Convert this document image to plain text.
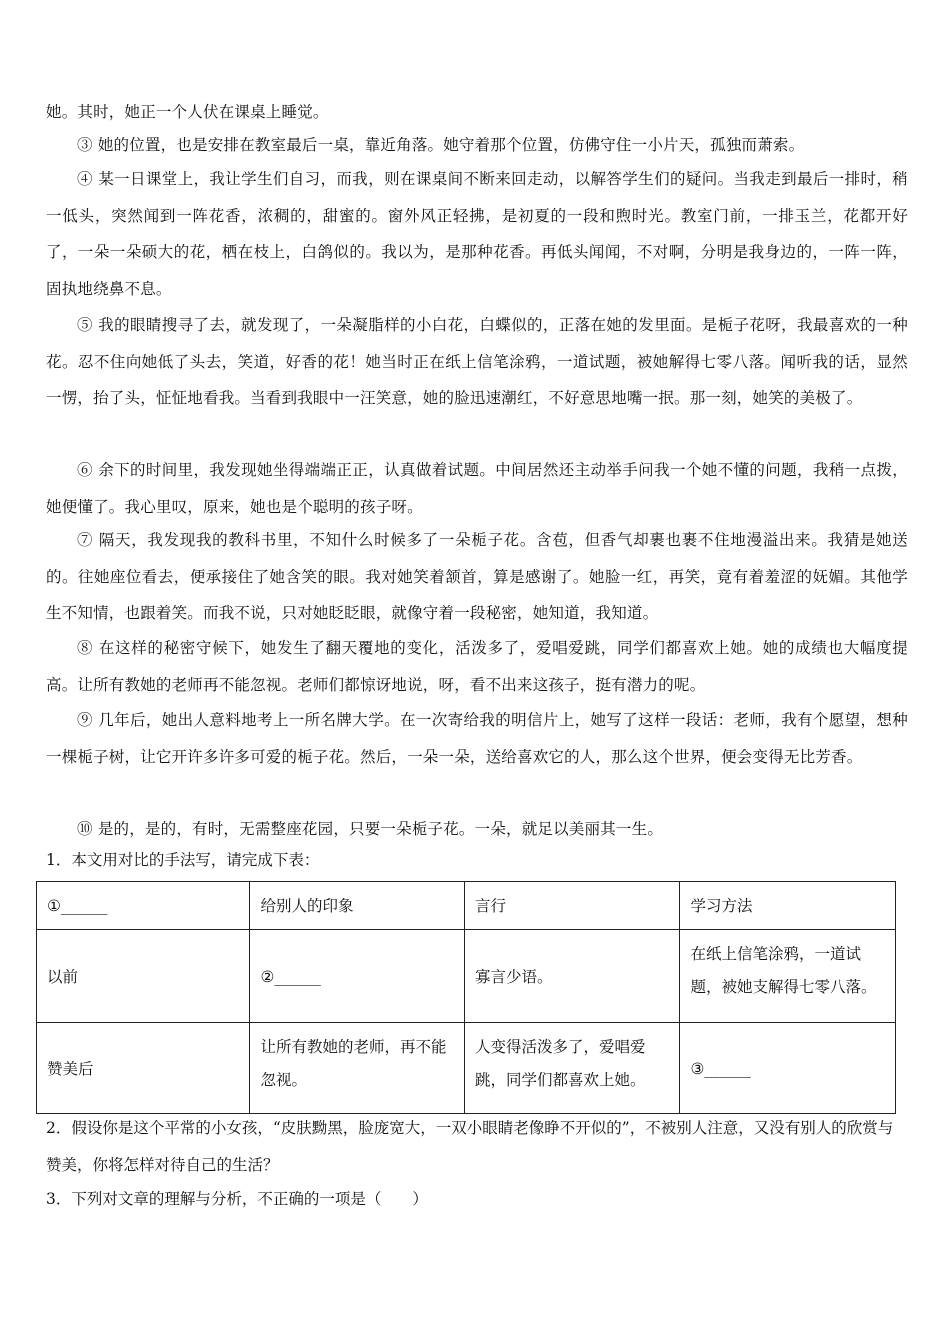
她。其时，她正一个人伏在课桌上睡觉。

③ 她的位置，也是安排在教室最后一桌，靠近角落。她守着那个位置，仿佛守住一小片天，孤独而萧索。

④ 某一日课堂上，我让学生们自习，而我，则在课桌间不断来回走动，以解答学生们的疑问。当我走到最后一排时，稍一低头，突然闻到一阵花香，浓稠的，甜蜜的。窗外风正轻拂，是初夏的一段和煦时光。教室门前，一排玉兰，花都开好了，一朵一朵硕大的花，栖在枝上，白鸽似的。我以为，是那种花香。再低头闻闻，不对啊，分明是我身边的，一阵一阵，固执地绕鼻不息。

⑤ 我的眼睛搜寻了去，就发现了，一朵凝脂样的小白花，白蝶似的，正落在她的发里面。是栀子花呀，我最喜欢的一种花。忍不住向她低了头去，笑道，好香的花！她当时正在纸上信笔涂鸦，一道试题，被她解得七零八落。闻听我的话，显然一愣，抬了头，怔怔地看我。当看到我眼中一汪笑意，她的脸迅速潮红，不好意思地嘴一抿。那一刻，她笑的美极了。

⑥ 余下的时间里，我发现她坐得端端正正，认真做着试题。中间居然还主动举手问我一个她不懂的问题，我稍一点拨，她便懂了。我心里叹，原来，她也是个聪明的孩子呀。

⑦ 隔天，我发现我的教科书里，不知什么时候多了一朵栀子花。含苞，但香气却裹也裹不住地漫溢出来。我猜是她送的。往她座位看去，便承接住了她含笑的眼。我对她笑着颔首，算是感谢了。她脸一红，再笑，竟有着羞涩的妩媚。其他学生不知情，也跟着笑。而我不说，只对她眨眨眼，就像守着一段秘密，她知道，我知道。

⑧ 在这样的秘密守候下，她发生了翻天覆地的变化，活泼多了，爱唱爱跳，同学们都喜欢上她。她的成绩也大幅度提高。让所有教她的老师再不能忽视。老师们都惊讶地说，呀，看不出来这孩子，挺有潜力的呢。

⑨ 几年后，她出人意料地考上一所名牌大学。在一次寄给我的明信片上，她写了这样一段话：老师，我有个愿望，想种一棵栀子树，让它开许多许多可爱的栀子花。然后，一朵一朵，送给喜欢它的人，那么这个世界，便会变得无比芳香。

⑩ 是的，是的，有时，无需整座花园，只要一朵栀子花。一朵，就足以美丽其一生。

1．本文用对比的手法写，请完成下表：

①______	给别人的印象	言行	学习方法
以前	②______	寡言少语。	在纸上信笔涂鸦，一道试题，被她支解得七零八落。
赞美后	让所有教她的老师，再不能忽视。	人变得活泼多了，爱唱爱跳，同学们都喜欢上她。	③______

2．假设你是这个平常的小女孩，“皮肤黝黑，脸庞宽大，一双小眼睛老像睁不开似的”，不被别人注意，又没有别人的欣赏与赞美，你将怎样对待自己的生活？

3．下列对文章的理解与分析，不正确的一项是（　　）
